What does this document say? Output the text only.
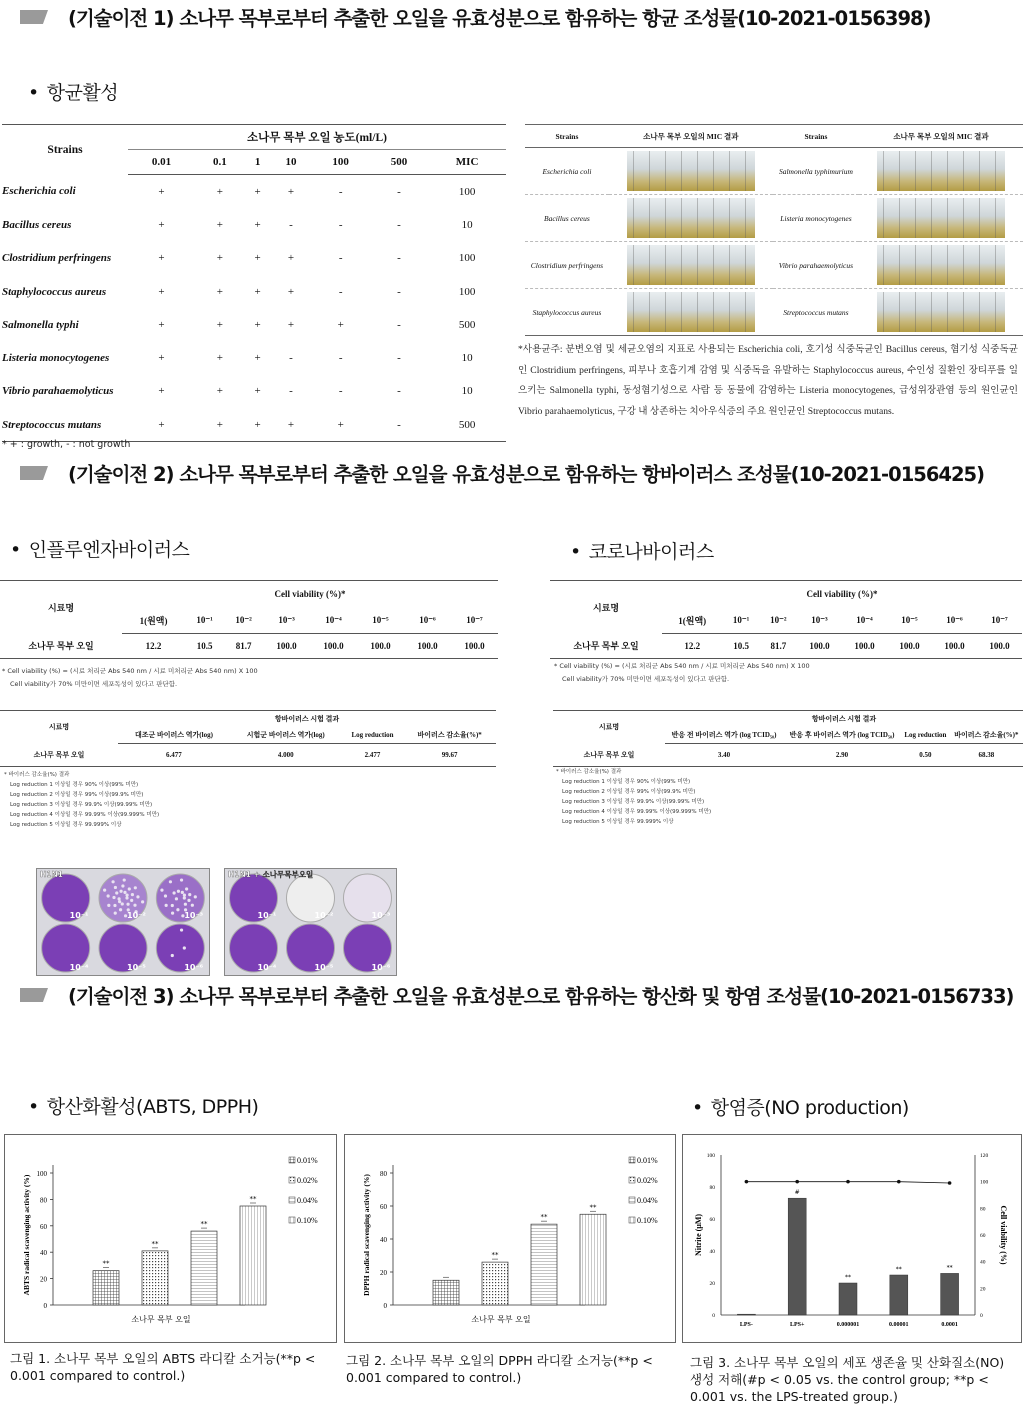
(기술이전 1) 소나무 목부로부터 추출한 오일을 유효성분으로 함유하는 항균 조성물(10-2021-0156398)
• 항균활성
Strains	소나무 목부 오일 농도(ml/L)						
	0.01	0.1	1	10	100	500	MIC
Escherichia coli	+	+	+	+	-	-	100
Bacillus cereus	+	+	+	-	-	-	10
Clostridium perfringens	+	+	+	+	-	-	100
Staphylococcus aureus	+	+	+	+	-	-	100
Salmonella typhi	+	+	+	+	+	-	500
Listeria monocytogenes	+	+	+	-	-	-	10
Vibrio parahaemolyticus	+	+	+	-	-	-	10
Streptococcus mutans	+	+	+	+	+	-	500
* + : growth, - : not growth
Strains	소나무 목부 오일의 MIC 결과	Strains	소나무 목부 오일의 MIC 결과
Escherichia coli		Salmonella typhimurium	

Bacillus cereus		Listeria monocytogenes	

Clostridium perfringens		Vibrio parahaemolyticus	

Staphylococcus aureus		Streptococcus mutans	
*사용균주: 분변오염 및 세균오염의 지표로 사용되는 Escherichia coli, 호기성 식중독균인 Bacillus cereus, 혐기성 식중독균인 Clostridium perfringens, 피부나 호흡기계 감염 및 식중독을 유발하는 Staphylococcus aureus, 수인성 질환인 장티푸를 일으키는 Salmonella typhi, 동성혐기성으로 사람 등 동물에 감염하는 Listeria monocytogenes, 급성위장관염 등의 원인균인 Vibrio parahaemolyticus, 구강 내 상존하는 치아우식증의 주요 원인균인 Streptococcus mutans.
(기술이전 2) 소나무 목부로부터 추출한 오일을 유효성분으로 함유하는 항바이러스 조성물(10-2021-0156425)
• 인플루엔자바이러스	• 코로나바이러스
시료명	Cell viability (%)*							
	1(원액)	10⁻¹	10⁻²	10⁻³	10⁻⁴	10⁻⁵	10⁻⁶	10⁻⁷
소나무 목부 오일	12.2	10.5	81.7	100.0	100.0	100.0	100.0	100.0
* Cell viability (%) = (시료 처리군 Abs 540 nm / 시료 미처리군 Abs 540 nm) X 100
Cell viability가 70% 미만이면 세포독성이 있다고 판단함.
시료명	Cell viability (%)*							
	1(원액)	10⁻¹	10⁻²	10⁻³	10⁻⁴	10⁻⁵	10⁻⁶	10⁻⁷
소나무 목부 오일	12.2	10.5	81.7	100.0	100.0	100.0	100.0	100.0
* Cell viability (%) = (시료 처리군 Abs 540 nm / 시료 미처리군 Abs 540 nm) X 100
Cell viability가 70% 미만이면 세포독성이 있다고 판단함.
시료명	항바이러스 시험 결과			
	대조군 바이러스 역가(log)	시험군 바이러스 역가(log)	Log reduction	바이러스 감소율(%)*
소나무 목부 오일	6.477	4.000	2.477	99.67
* 바이러스 감소율(%) 결과
Log reduction 1 이상일 경우 90% 이상(99% 미만)
Log reduction 2 이상일 경우 99% 이상(99.9% 미만)
Log reduction 3 이상일 경우 99.9% 이상(99.99% 미만)
Log reduction 4 이상일 경우 99.99% 이상(99.999% 미만)
Log reduction 5 이상일 경우 99.999% 이상
시료명	항바이러스 시험 결과			
	반응 전 바이러스 역가 (log TCID₅₀)	반응 후 바이러스 역가 (log TCID₅₀)	Log reduction	바이러스 감소율(%)*
소나무 목부 오일	3.40	2.90	0.50	68.38
* 바이러스 감소율(%) 결과
Log reduction 1 이상일 경우 90% 이상(99% 미만)
Log reduction 2 이상일 경우 99% 이상(99.9% 미만)
Log reduction 3 이상일 경우 99.9% 이상(99.99% 미만)
Log reduction 4 이상일 경우 99.99% 이상(99.999% 미만)
Log reduction 5 이상일 경우 99.999% 이상
10⁻¹	10⁻²	10⁻³
10⁻⁴	10⁻⁵	10⁻⁶
H1N1
10⁻¹	10⁻²	10⁻³
10⁻⁴	10⁻⁵	10⁻⁶
H1N1 + 소나무목부오일
(기술이전 3) 소나무 목부로부터 추출한 오일을 유효성분으로 함유하는 항산화 및 항염 조성물(10-2021-0156733)
• 항산화활성(ABTS, DPPH)	• 항염증(NO production)
0
20
40
60
80
100
ABTS radical scavenging activity (%)	**
0.01%
**
0.02%
**
0.04%
**
0.10%
소나무 목부 오일
0
20
40
60
80
DPPH radical scavenging activity (%)
0.01%
**
0.02%
**
0.04%
**
0.10%
소나무 목부 오일	0
20
40
60
80
100
0
20
40
60
80
100
120
Nitrite (μM)	Cell viability (%)
LPS-
#
LPS+
**
0.000001
**
0.00001
**
0.0001
그림 1. 소나무 목부 오일의 ABTS 라디칼 소거능(**p < 0.001 compared to control.)
그림 2. 소나무 목부 오일의 DPPH 라디칼 소거능(**p < 0.001 compared to control.)
그림 3. 소나무 목부 오일의 세포 생존율 및 산화질소(NO) 생성 저해(#p < 0.05 vs. the control group; **p < 0.001 vs. the LPS-treated group.)
